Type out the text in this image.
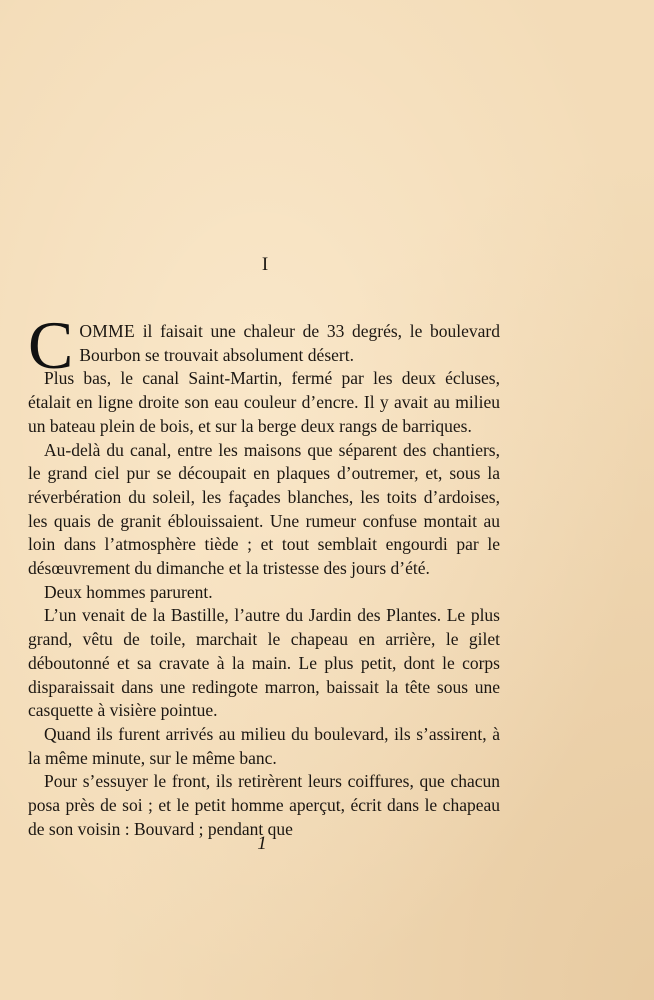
I

COMME il faisait une chaleur de 33 degrés, le boulevard Bourbon se trouvait absolument désert.

Plus bas, le canal Saint-Martin, fermé par les deux écluses, étalait en ligne droite son eau couleur d’encre. Il y avait au milieu un bateau plein de bois, et sur la berge deux rangs de barriques.

Au-delà du canal, entre les maisons que séparent des chantiers, le grand ciel pur se découpait en plaques d’outremer, et, sous la réverbération du soleil, les façades blanches, les toits d’ardoises, les quais de granit éblouissaient. Une rumeur confuse montait au loin dans l’atmosphère tiède ; et tout semblait engourdi par le désœuvrement du dimanche et la tristesse des jours d’été.

Deux hommes parurent.

L’un venait de la Bastille, l’autre du Jardin des Plantes. Le plus grand, vêtu de toile, marchait le chapeau en arrière, le gilet déboutonné et sa cravate à la main. Le plus petit, dont le corps disparaissait dans une redingote marron, baissait la tête sous une casquette à visière pointue.

Quand ils furent arrivés au milieu du boulevard, ils s’assirent, à la même minute, sur le même banc.

Pour s’essuyer le front, ils retirèrent leurs coiffures, que chacun posa près de soi ; et le petit homme aperçut, écrit dans le chapeau de son voisin : Bouvard ; pendant que

1
